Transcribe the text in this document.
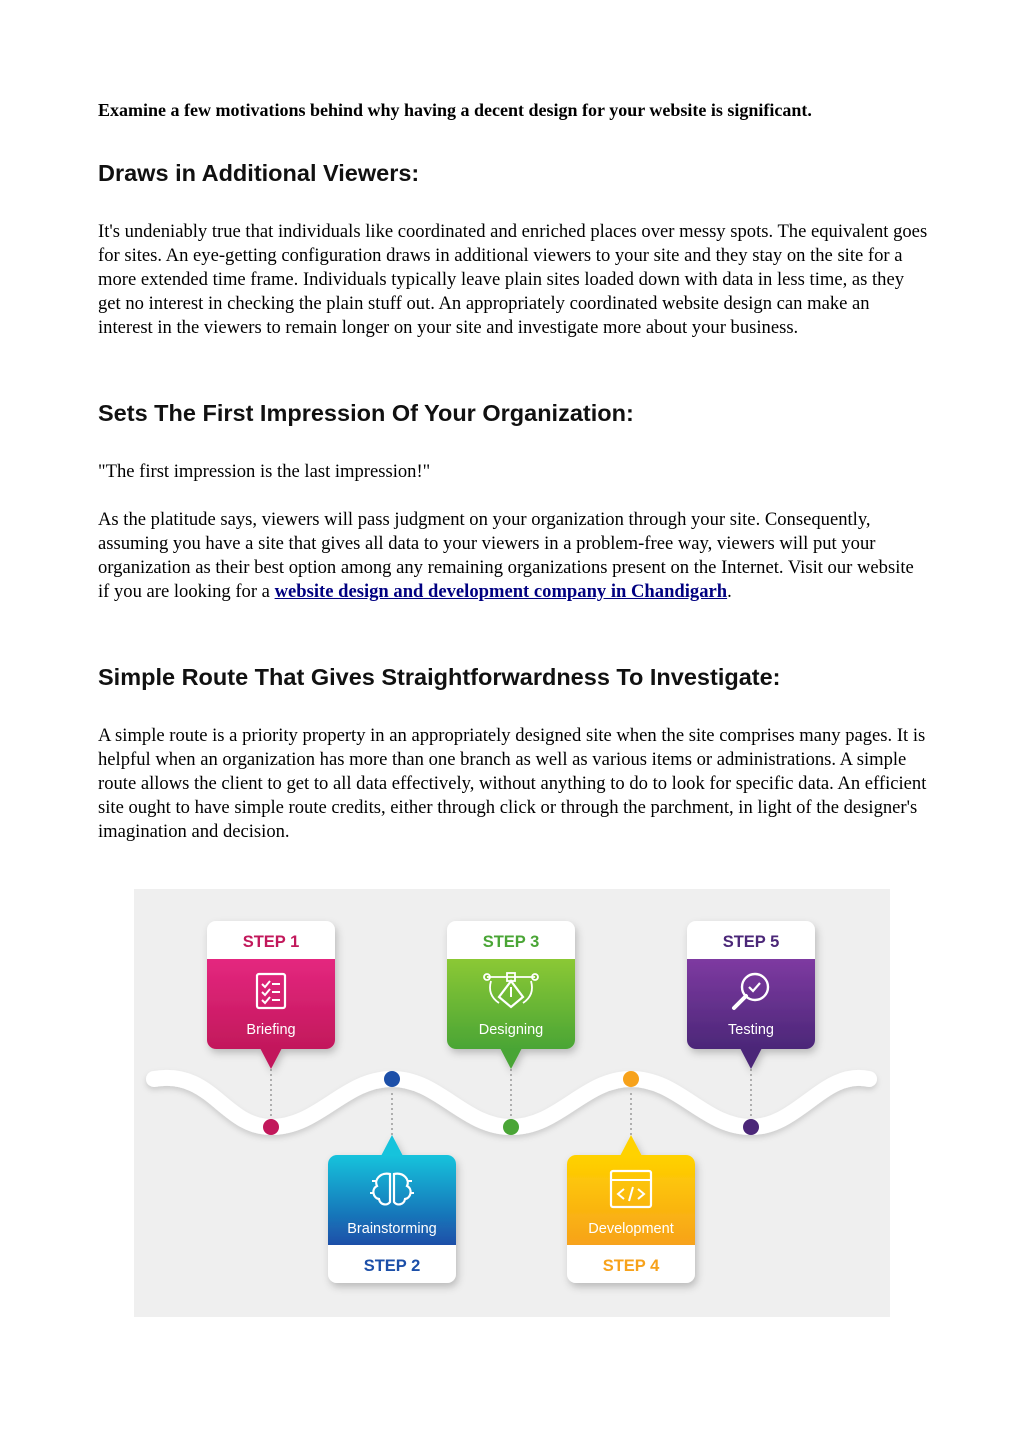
Examine a few motivations behind why having a decent design for your website is significant.
Draws in Additional Viewers:

It's undeniably true that individuals like coordinated and enriched places over messy spots. The equivalent goes for sites. An eye-getting configuration draws in additional viewers to your site and they stay on the site for a more extended time frame. Individuals typically leave plain sites loaded down with data in less time, as they get no interest in checking the plain stuff out. An appropriately coordinated website design can make an interest in the viewers to remain longer on your site and investigate more about your business.

Sets The First Impression Of Your Organization:

"The first impression is the last impression!"

As the platitude says, viewers will pass judgment on your organization through your site. Consequently, assuming you have a site that gives all data to your viewers in a problem-free way, viewers will put your organization as their best option among any remaining organizations present on the Internet. Visit our website if you are looking for a website design and development company in Chandigarh.

Simple Route That Gives Straightforwardness To Investigate:

A simple route is a priority property in an appropriately designed site when the site comprises many pages. It is helpful when an organization has more than one branch as well as various items or administrations. A simple route allows the client to get to all data effectively, without anything to do to look for specific data. An efficient site ought to have simple route credits, either through click or through the parchment, in light of the designer's imagination and decision.

Briefing
STEP 1
Brainstorming
STEP 2
Designing
STEP 3
Development
STEP 4
Testing
STEP 5
